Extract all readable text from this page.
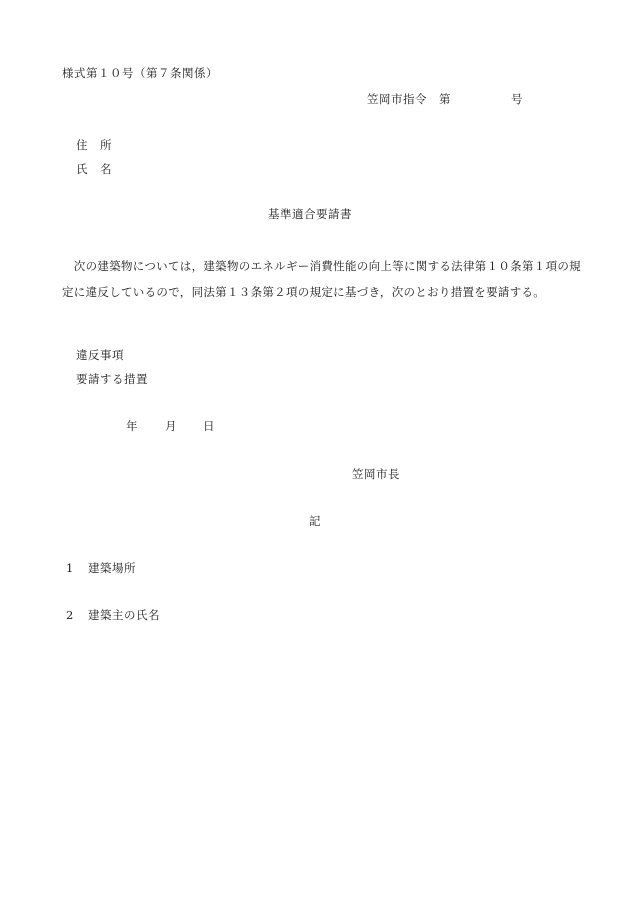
様式第１０号（第７条関係）
笠岡市指令　第　　　　　号
住　所
氏　名
基準適合要請書
　次の建築物については，建築物のエネルギー消費性能の向上等に関する法律第１０条第１項の規定に違反しているので，同法第１３条第２項の規定に基づき，次のとおり措置を要請する。
違反事項
要請する措置
年 月 日
笠岡市長
記
1 建築場所
2 建築主の氏名
